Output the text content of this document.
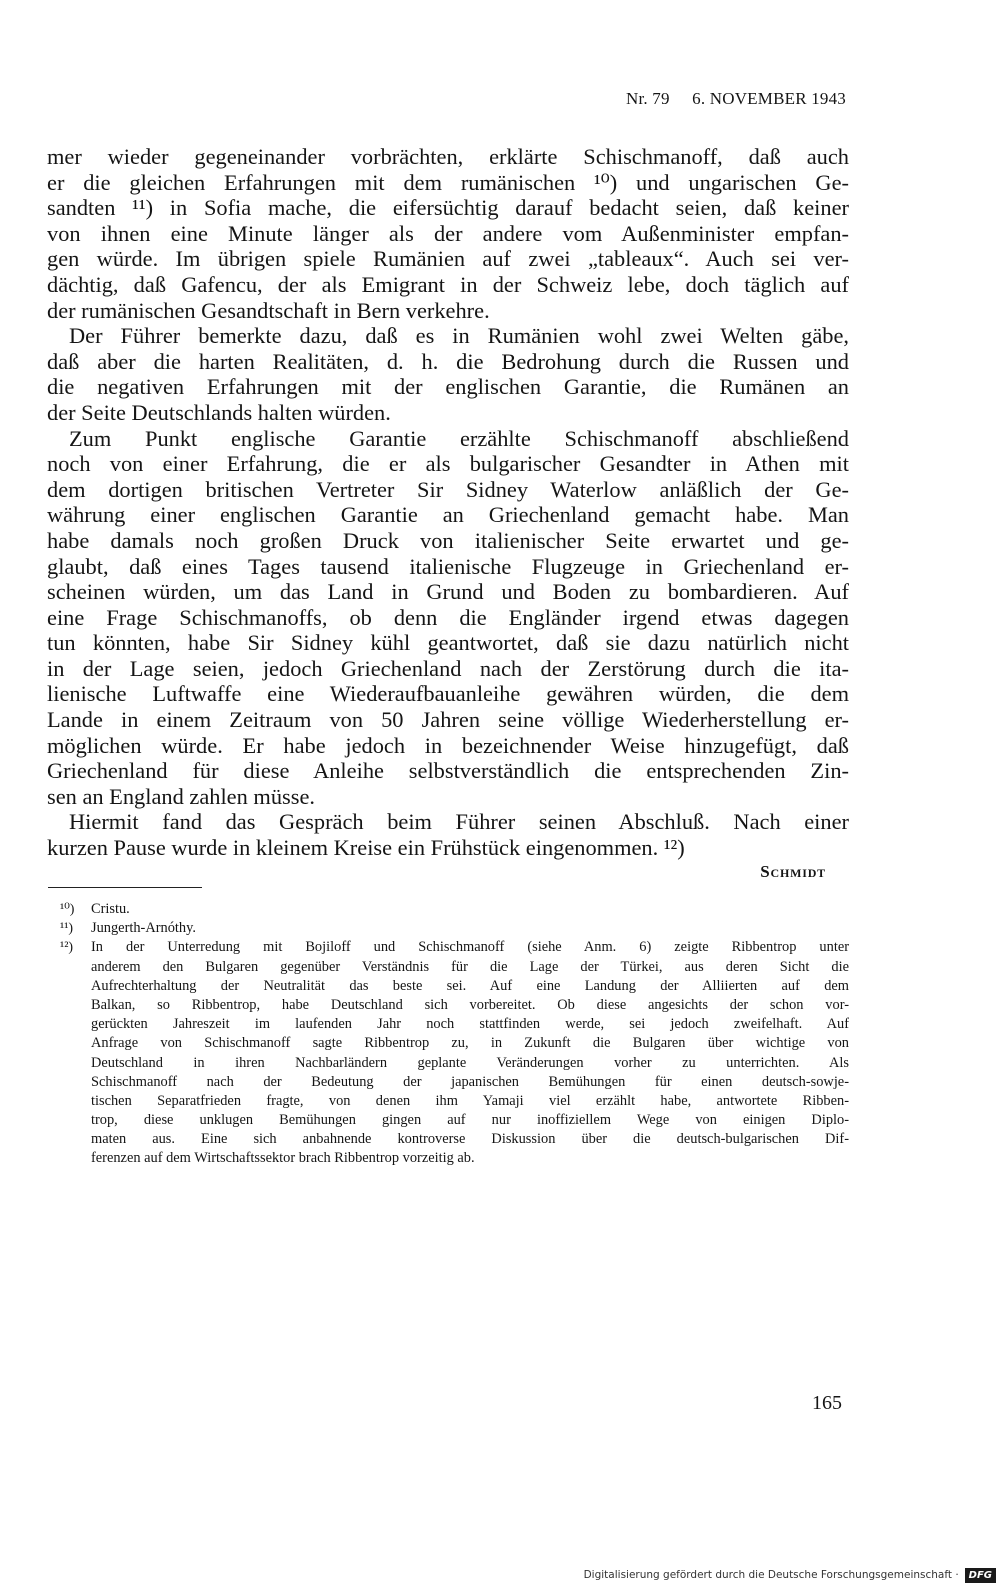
Nr. 79 6. NOVEMBER 1943
mer wieder gegeneinander vorbrächten, erklärte Schischmanoff, daß auch
er die gleichen Erfahrungen mit dem rumänischen ¹⁰) und ungarischen Ge-
sandten ¹¹) in Sofia mache, die eifersüchtig darauf bedacht seien, daß keiner
von ihnen eine Minute länger als der andere vom Außenminister empfan-
gen würde. Im übrigen spiele Rumänien auf zwei „tableaux“. Auch sei ver-
dächtig, daß Gafencu, der als Emigrant in der Schweiz lebe, doch täglich auf
der rumänischen Gesandtschaft in Bern verkehre.
Der Führer bemerkte dazu, daß es in Rumänien wohl zwei Welten gäbe,
daß aber die harten Realitäten, d. h. die Bedrohung durch die Russen und
die negativen Erfahrungen mit der englischen Garantie, die Rumänen an
der Seite Deutschlands halten würden.
Zum Punkt englische Garantie erzählte Schischmanoff abschließend
noch von einer Erfahrung, die er als bulgarischer Gesandter in Athen mit
dem dortigen britischen Vertreter Sir Sidney Waterlow anläßlich der Ge-
währung einer englischen Garantie an Griechenland gemacht habe. Man
habe damals noch großen Druck von italienischer Seite erwartet und ge-
glaubt, daß eines Tages tausend italienische Flugzeuge in Griechenland er-
scheinen würden, um das Land in Grund und Boden zu bombardieren. Auf
eine Frage Schischmanoffs, ob denn die Engländer irgend etwas dagegen
tun könnten, habe Sir Sidney kühl geantwortet, daß sie dazu natürlich nicht
in der Lage seien, jedoch Griechenland nach der Zerstörung durch die ita-
lienische Luftwaffe eine Wiederaufbauanleihe gewähren würden, die dem
Lande in einem Zeitraum von 50 Jahren seine völlige Wiederherstellung er-
möglichen würde. Er habe jedoch in bezeichnender Weise hinzugefügt, daß
Griechenland für diese Anleihe selbstverständlich die entsprechenden Zin-
sen an England zahlen müsse.
Hiermit fand das Gespräch beim Führer seinen Abschluß. Nach einer
kurzen Pause wurde in kleinem Kreise ein Frühstück eingenommen. ¹²)
Schmidt
¹⁰) Cristu.
¹¹) Jungerth-Arnóthy.
¹²) In der Unterredung mit Bojiloff und Schischmanoff (siehe Anm. 6) zeigte Ribbentrop unter
anderem den Bulgaren gegenüber Verständnis für die Lage der Türkei, aus deren Sicht die
Aufrechterhaltung der Neutralität das beste sei. Auf eine Landung der Alliierten auf dem
Balkan, so Ribbentrop, habe Deutschland sich vorbereitet. Ob diese angesichts der schon vor-
gerückten Jahreszeit im laufenden Jahr noch stattfinden werde, sei jedoch zweifelhaft. Auf
Anfrage von Schischmanoff sagte Ribbentrop zu, in Zukunft die Bulgaren über wichtige von
Deutschland in ihren Nachbarländern geplante Veränderungen vorher zu unterrichten. Als
Schischmanoff nach der Bedeutung der japanischen Bemühungen für einen deutsch-sowje-
tischen Separatfrieden fragte, von denen ihm Yamaji viel erzählt habe, antwortete Ribben-
trop, diese unklugen Bemühungen gingen auf nur inoffiziellem Wege von einigen Diplo-
maten aus. Eine sich anbahnende kontroverse Diskussion über die deutsch-bulgarischen Dif-
ferenzen auf dem Wirtschaftssektor brach Ribbentrop vorzeitig ab.
165
Digitalisierung gefördert durch die Deutsche Forschungsgemeinschaft ·	DFG
